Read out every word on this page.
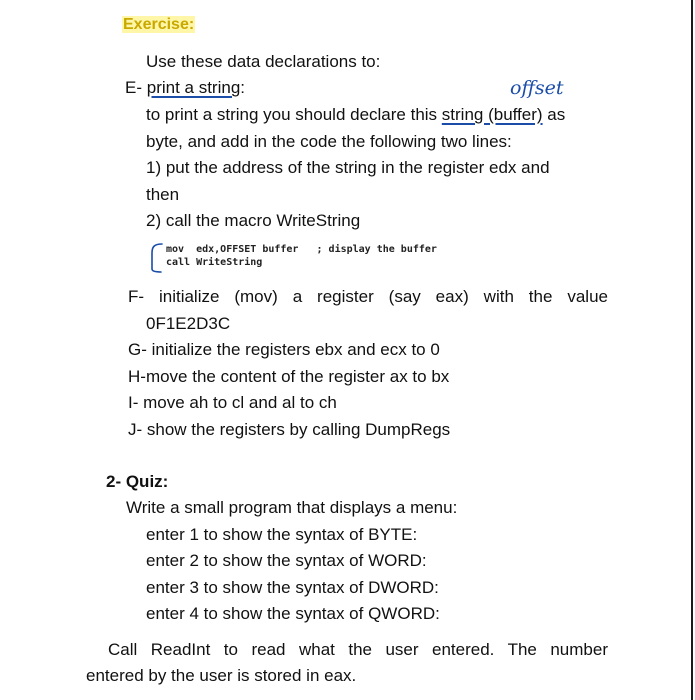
Exercise:
Use these data declarations to:
E- print a string:	offset
to print a string you should declare this string (buffer) as
byte, and add in the code the following two lines:
1) put the address of the string in the register edx and
then
2) call the macro WriteString
mov  edx,OFFSET buffer   ; display the buffer
call WriteString
F- initialize (mov) a register (say eax) with the value
0F1E2D3C
G- initialize the registers ebx and ecx to 0
H-move the content of the register ax to bx
I- move ah to cl and al to ch
J- show the registers by calling DumpRegs
2- Quiz:
Write a small program that displays a menu:
enter 1 to show the syntax of BYTE:
enter 2 to show the syntax of WORD:
enter 3 to show the syntax of DWORD:
enter 4 to show the syntax of QWORD:
Call ReadInt to read what the user entered. The number
entered by the user is stored in eax.
